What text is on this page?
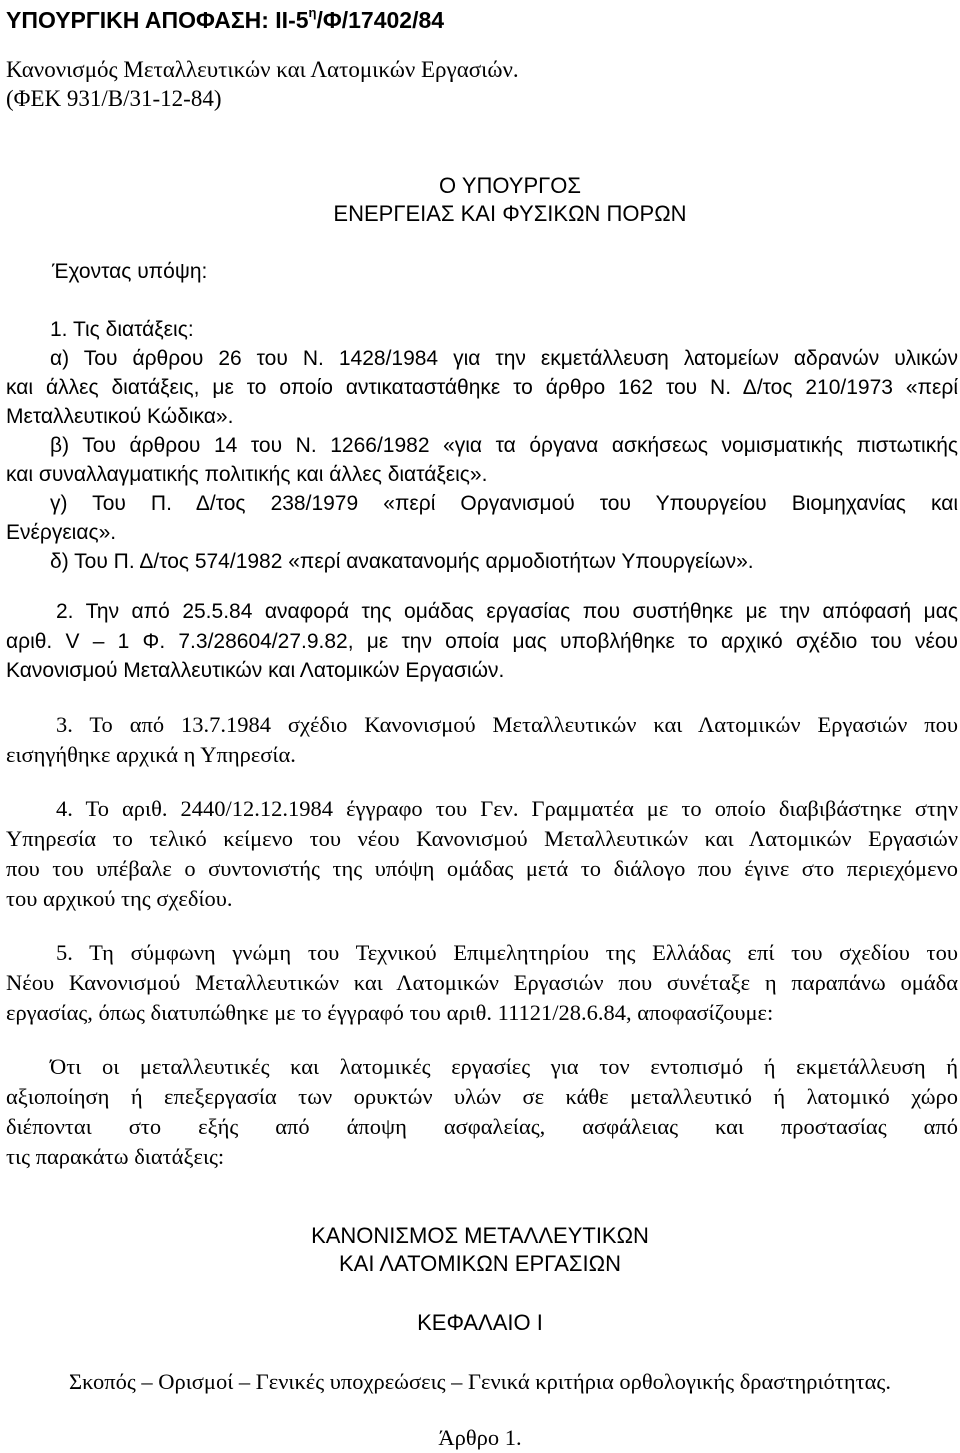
ΥΠΟΥΡΓΙΚΗ ΑΠΟΦΑΣΗ: $II-5^\eta/\Phi/17402/84$
Κανονισμός Μεταλλευτικών και Λατομικών Εργασιών.
(ΦΕΚ 931/Β/31-12-84)
Ο ΥΠΟΥΡΓΟΣ
ΕΝΕΡΓΕΙΑΣ ΚΑΙ ΦΥΣΙΚΩΝ ΠΟΡΩΝ
Έχοντας υπόψη:
1. Τις διατάξεις:
α) Του άρθρου 26 του Ν. 1428/1984 για την εκμετάλλευση λατομείων αδρανών υλικών
και άλλες διατάξεις, με το οποίο αντικαταστάθηκε το άρθρο 162 του Ν. Δ/τος 210/1973 «περί
Μεταλλευτικού Κώδικα».
β) Του άρθρου 14 του Ν. 1266/1982 «για τα όργανα ασκήσεως νομισματικής πιστωτικής
και συναλλαγματικής πολιτικής και άλλες διατάξεις».
γ) Του Π. Δ/τος 238/1979 «περί Οργανισμού του Υπουργείου Βιομηχανίας και
Ενέργειας».
δ) Του Π. Δ/τος 574/1982 «περί ανακατανομής αρμοδιοτήτων Υπουργείων».
2. Την από 25.5.84 αναφορά της ομάδας εργασίας που συστήθηκε με την απόφασή μας
αριθ. V – 1 Φ. 7.3/28604/27.9.82, με την οποία μας υποβλήθηκε το αρχικό σχέδιο του νέου
Κανονισμού Μεταλλευτικών και Λατομικών Εργασιών.
3. Το από 13.7.1984 σχέδιο Κανονισμού Μεταλλευτικών και Λατομικών Εργασιών που
εισηγήθηκε αρχικά η Υπηρεσία.
4. Το αριθ. 2440/12.12.1984 έγγραφο του Γεν. Γραμματέα με το οποίο διαβιβάστηκε στην
Υπηρεσία το τελικό κείμενο του νέου Κανονισμού Μεταλλευτικών και Λατομικών Εργασιών
που του υπέβαλε ο συντονιστής της υπόψη ομάδας μετά το διάλογο που έγινε στο περιεχόμενο
του αρχικού της σχεδίου.
5. Τη σύμφωνη γνώμη του Τεχνικού Επιμελητηρίου της Ελλάδας επί του σχεδίου του
Νέου Κανονισμού Μεταλλευτικών και Λατομικών Εργασιών που συνέταξε η παραπάνω ομάδα
εργασίας, όπως διατυπώθηκε με το έγγραφό του αριθ. 11121/28.6.84, αποφασίζουμε:
Ότι οι μεταλλευτικές και λατομικές εργασίες για τον εντοπισμό ή εκμετάλλευση ή
αξιοποίηση ή επεξεργασία των ορυκτών υλών σε κάθε μεταλλευτικό ή λατομικό χώρο
διέπονται στο εξής από άποψη ασφαλείας, ασφάλειας και προστασίας από
τις παρακάτω διατάξεις:
ΚΑΝΟΝΙΣΜΟΣ ΜΕΤΑΛΛΕΥΤΙΚΩΝ
ΚΑΙ ΛΑΤΟΜΙΚΩΝ ΕΡΓΑΣΙΩΝ
ΚΕΦΑΛΑΙΟ Ι
Σκοπός – Ορισμοί – Γενικές υποχρεώσεις – Γενικά κριτήρια ορθολογικής δραστηριότητας.
Άρθρο 1.
